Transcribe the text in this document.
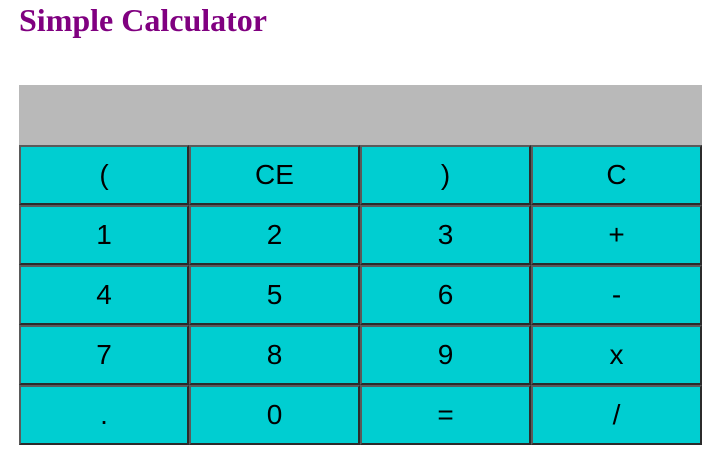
Simple Calculator
(	CE	)	C
1	2	3	+
4	5	6	-
7	8	9	x
.	0	=	/
